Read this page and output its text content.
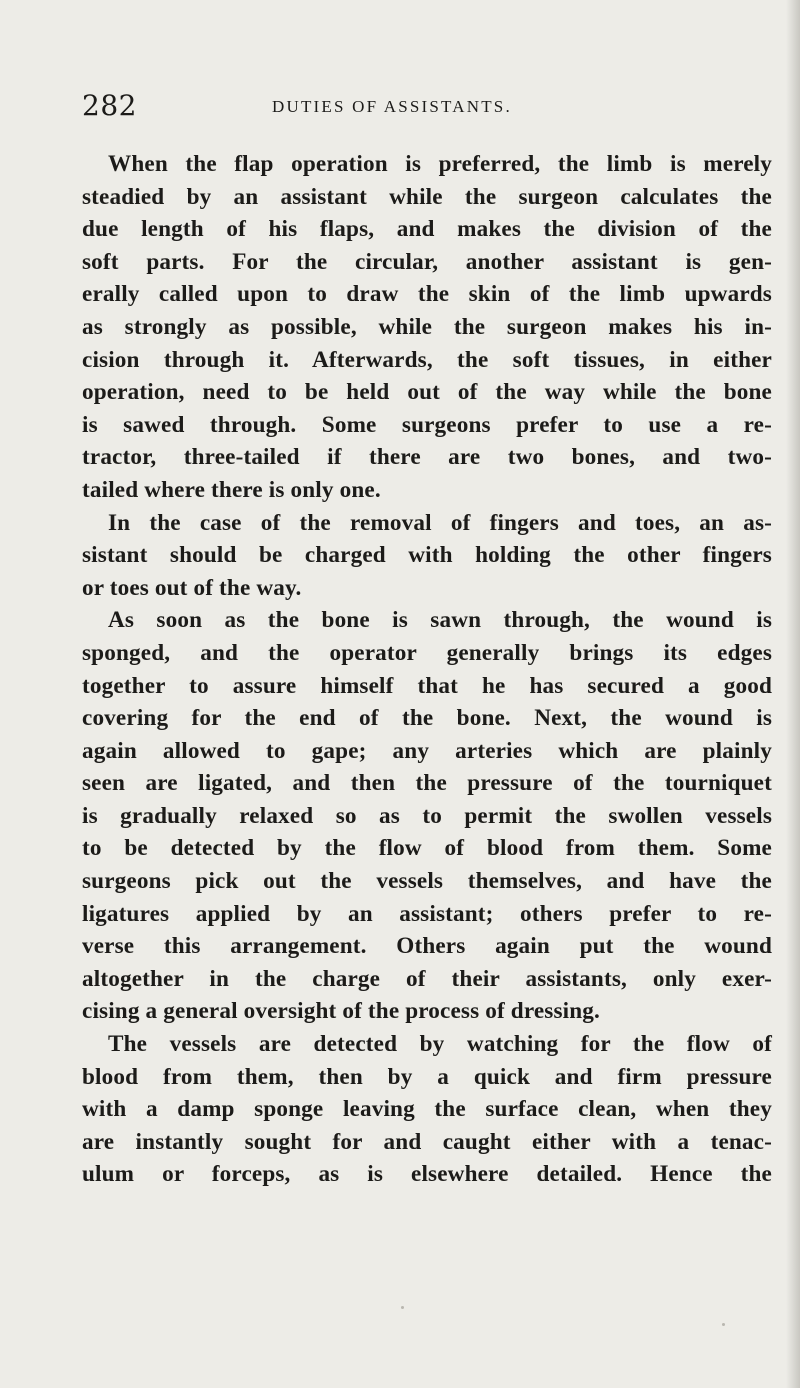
282	DUTIES OF ASSISTANTS.
When the flap operation is preferred, the limb is merely
steadied by an assistant while the surgeon calculates the
due length of his flaps, and makes the division of the
soft parts. For the circular, another assistant is gen-
erally called upon to draw the skin of the limb upwards
as strongly as possible, while the surgeon makes his in-
cision through it. Afterwards, the soft tissues, in either
operation, need to be held out of the way while the bone
is sawed through. Some surgeons prefer to use a re-
tractor, three-tailed if there are two bones, and two-
tailed where there is only one.
In the case of the removal of fingers and toes, an as-
sistant should be charged with holding the other fingers
or toes out of the way.
As soon as the bone is sawn through, the wound is
sponged, and the operator generally brings its edges
together to assure himself that he has secured a good
covering for the end of the bone. Next, the wound is
again allowed to gape; any arteries which are plainly
seen are ligated, and then the pressure of the tourniquet
is gradually relaxed so as to permit the swollen vessels
to be detected by the flow of blood from them. Some
surgeons pick out the vessels themselves, and have the
ligatures applied by an assistant; others prefer to re-
verse this arrangement. Others again put the wound
altogether in the charge of their assistants, only exer-
cising a general oversight of the process of dressing.
The vessels are detected by watching for the flow of
blood from them, then by a quick and firm pressure
with a damp sponge leaving the surface clean, when they
are instantly sought for and caught either with a tenac-
ulum or forceps, as is elsewhere detailed. Hence the
